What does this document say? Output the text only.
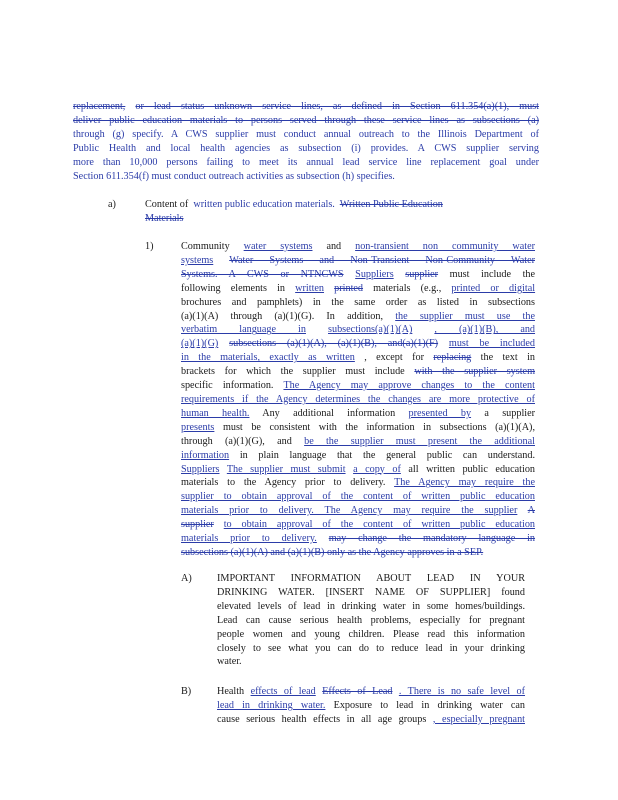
replacement, or lead status unknown service lines, as defined in Section 611.354(a)(1), must
deliver public education materials to persons served through these service lines as subsections (a)
through (g) specify. A CWS supplier must conduct annual outreach to the Illinois Department of
Public Health and local health agencies as subsection (i) provides. A CWS supplier serving
more than 10,000 persons failing to meet its annual lead service line replacement goal under
Section 611.354(f) must conduct outreach activities as subsection (h) specifies.
a)	Content of written public education materials. Written Public Education
Materials
1)	Community water systems and non-transient non community water
systems Water Systems and Non-Transient Non-Community Water
Systems. A CWS or NTNCWS Suppliers supplier must include the
following elements in written printed materials (e.g., printed or digital
brochures and pamphlets) in the same order as listed in subsections
(a)(1)(A) through (a)(1)(G). In addition, the supplier must use the
verbatim language in subsections(a)(1)(A) , (a)(1)(B), and
(a)(1)(G) subsections (a)(1)(A), (a)(1)(B), and(a)(1)(F) must be included
in the materials, exactly as written , except for replacing the text in
brackets for which the supplier must include with the supplier system
specific information. The Agency may approve changes to the content
requirements if the Agency determines the changes are more protective of
human health. Any additional information presented by a supplier
presents must be consistent with the information in subsections (a)(1)(A),
through (a)(1)(G), and be the supplier must present the additional
information in plain language that the general public can understand.
Suppliers The supplier must submit a copy of all written public education
materials to the Agency prior to delivery. The Agency may require the
supplier to obtain approval of the content of written public education
materials prior to delivery. The Agency may require the supplier A
supplier to obtain approval of the content of written public education
materials prior to delivery. may change the mandatory language in
subsections (a)(1)(A) and (a)(1)(B) only as the Agency approves in a SEP.
A) IMPORTANT INFORMATION ABOUT LEAD IN YOUR
DRINKING WATER. [INSERT NAME OF SUPPLIER] found
elevated levels of lead in drinking water in some homes/buildings.
Lead can cause serious health problems, especially for pregnant
people women and young children. Please read this information
closely to see what you can do to reduce lead in your drinking
water.
B)	Health effects of lead Effects of Lead . There is no safe level of
lead in drinking water. Exposure to lead in drinking water can
cause serious health effects in all age groups , especially pregnant
